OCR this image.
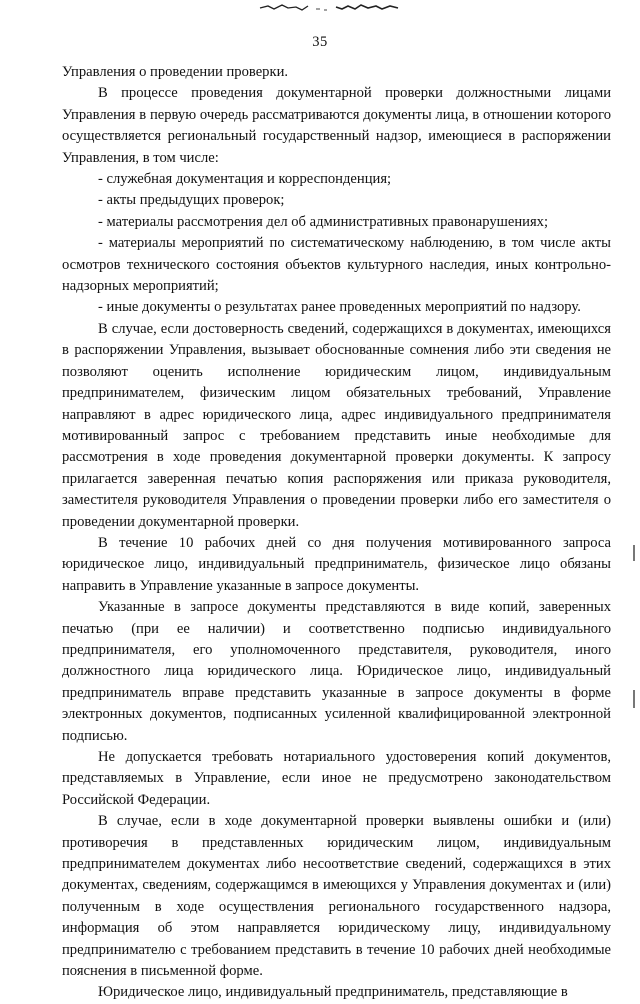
35

Управления о проведении проверки.

В процессе проведения документарной проверки должностными лицами Управления в первую очередь рассматриваются документы лица, в отношении которого осуществляется региональный государственный надзор, имеющиеся в распоряжении Управления, в том числе:

- служебная документация и корреспонденция;

- акты предыдущих проверок;

- материалы рассмотрения дел об административных правонарушениях;

- материалы мероприятий по систематическому наблюдению, в том числе акты осмотров технического состояния объектов культурного наследия, иных контрольно-надзорных мероприятий;

- иные документы о результатах ранее проведенных мероприятий по надзору.

В случае, если достоверность сведений, содержащихся в документах, имеющихся в распоряжении Управления, вызывает обоснованные сомнения либо эти сведения не позволяют оценить исполнение юридическим лицом, индивидуальным предпринимателем, физическим лицом обязательных требований, Управление направляют в адрес юридического лица, адрес индивидуального предпринимателя мотивированный запрос с требованием представить иные необходимые для рассмотрения в ходе проведения документарной проверки документы. К запросу прилагается заверенная печатью копия распоряжения или приказа руководителя, заместителя руководителя Управления о проведении проверки либо его заместителя о проведении документарной проверки.

В течение 10 рабочих дней со дня получения мотивированного запроса юридическое лицо, индивидуальный предприниматель, физическое лицо обязаны направить в Управление указанные в запросе документы.

Указанные в запросе документы представляются в виде копий, заверенных печатью (при ее наличии) и соответственно подписью индивидуального предпринимателя, его уполномоченного представителя, руководителя, иного должностного лица юридического лица. Юридическое лицо, индивидуальный предприниматель вправе представить указанные в запросе документы в форме электронных документов, подписанных усиленной квалифицированной электронной подписью.

Не допускается требовать нотариального удостоверения копий документов, представляемых в Управление, если иное не предусмотрено законодательством Российской Федерации.

В случае, если в ходе документарной проверки выявлены ошибки и (или) противоречия в представленных юридическим лицом, индивидуальным предпринимателем документах либо несоответствие сведений, содержащихся в этих документах, сведениям, содержащимся в имеющихся у Управления документах и (или) полученным в ходе осуществления регионального государственного надзора, информация об этом направляется юридическому лицу, индивидуальному предпринимателю с требованием представить в течение 10 рабочих дней необходимые пояснения в письменной форме.

Юридическое лицо, индивидуальный предприниматель, представляющие в
